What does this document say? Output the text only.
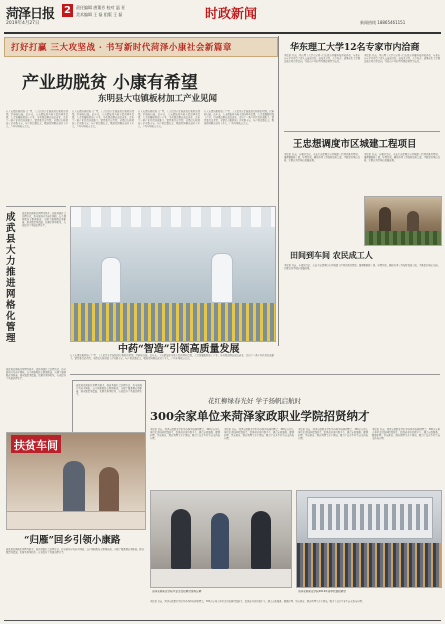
菏泽日报
2019年4月27日
2	责任编辑 唐董芳 校对 温 亚
美术编辑 王 磊 组版 王 磊	时政新闻
新闻热线 18865461151
打好打赢 三大攻坚战 · 书写新时代菏泽小康社会新篇章
产业助脱贫 小康有希望
东明县大屯镇板材加工产业见闻
在大屯镇的板材加工厂里，工人们正在忙碌地进行板材的切割、打磨和包装。近年来，大屯镇依托当地丰富的林木资源，大力发展板材加工产业，带动周边群众就近就业，走出了一条产业扶贫的新路子。镇党委书记介绍，全镇已有板材加工企业数十家，年产值达数亿元，吸纳贫困群众就业上千人，户均年增收万余元。
在大屯镇的板材加工厂里，工人们正在忙碌地进行板材的切割、打磨和包装。近年来，大屯镇依托当地丰富的林木资源，大力发展板材加工产业，带动周边群众就近就业，走出了一条产业扶贫的新路子。镇党委书记介绍，全镇已有板材加工企业数十家，年产值达数亿元，吸纳贫困群众就业上千人，户均年增收万余元。
在大屯镇的板材加工厂里，工人们正在忙碌地进行板材的切割、打磨和包装。近年来，大屯镇依托当地丰富的林木资源，大力发展板材加工产业，带动周边群众就近就业，走出了一条产业扶贫的新路子。镇党委书记介绍，全镇已有板材加工企业数十家，年产值达数亿元，吸纳贫困群众就业上千人，户均年增收万余元。
在大屯镇的板材加工厂里，工人们正在忙碌地进行板材的切割、打磨和包装。近年来，大屯镇依托当地丰富的林木资源，大力发展板材加工产业，带动周边群众就近就业，走出了一条产业扶贫的新路子。镇党委书记介绍，全镇已有板材加工企业数十家，年产值达数亿元，吸纳贫困群众就业上千人，户均年增收万余元。
华东理工大学12名专家市内洽商
本报讯 日前，华东理工大学专家团一行来我市开展科技对接活动，与我市多家企业进行了深入交流和洽谈，就技术合作、人才培养、成果转化等方面达成多项合作意向，为我市产业转型升级提供智力支持。
本报讯 日前，华东理工大学专家团一行来我市开展科技对接活动，与我市多家企业进行了深入交流和洽谈，就技术合作、人才培养、成果转化等方面达成多项合作意向，为我市产业转型升级提供智力支持。
王忠想调度市区城建工程项目
本报讯 日前，市委副书记、市长王忠想调度市区城建工程项目推进情况，强调要倒排工期、挂图作战，确保各项工程按时保质完成，不断提升城市品质，让群众共享城市发展成果。
本报讯 日前，市委副书记、市长王忠想调度市区城建工程项目推进情况，强调要倒排工期、挂图作战，确保各项工程按时保质完成，不断提升城市品质，让群众共享城市发展成果。
田间到车间 农民成工人
本报讯 日前，市委副书记、市长王忠想调度市区城建工程项目推进情况，强调要倒排工期、挂图作战，确保各项工程按时保质完成，不断提升城市品质，让群众共享城市发展成果。
成武县大力推进网格化管理
成武县以网格化管理为抓手，创新基层社会治理方式，将全县划分为若干网格，每个网格配备专职网格员，实现了服务群众零距离、排查隐患零遗漏、化解矛盾零积压，有效提升了基层治理水平。
成武县以网格化管理为抓手，创新基层社会治理方式，将全县划分为若干网格，每个网格配备专职网格员，实现了服务群众零距离、排查隐患零遗漏、化解矛盾零积压，有效提升了基层治理水平。
中药“智造”引领高质量发展
在大屯镇的板材加工厂里，工人们正在忙碌地进行板材的切割、打磨和包装。近年来，大屯镇依托当地丰富的林木资源，大力发展板材加工产业，带动周边群众就近就业，走出了一条产业扶贫的新路子。镇党委书记介绍，全镇已有板材加工企业数十家，年产值达数亿元，吸纳贫困群众就业上千人，户均年增收万余元。
花红柳绿春光好 学子扬帆启航时
300余家单位来菏泽家政职业学院招贤纳才
本报讯 日前，菏泽家政职业学院举办春季校园招聘会，300余家用人单位走进校园招贤纳才，提供就业岗位数千个，涵盖家政服务、健康护理、学前教育、酒店管理等多个领域，吸引了众多毕业生前来咨询应聘。
本报讯 日前，菏泽家政职业学院举办春季校园招聘会，300余家用人单位走进校园招贤纳才，提供就业岗位数千个，涵盖家政服务、健康护理、学前教育、酒店管理等多个领域，吸引了众多毕业生前来咨询应聘。
本报讯 日前，菏泽家政职业学院举办春季校园招聘会，300余家用人单位走进校园招贤纳才，提供就业岗位数千个，涵盖家政服务、健康护理、学前教育、酒店管理等多个领域，吸引了众多毕业生前来咨询应聘。
本报讯 日前，菏泽家政职业学院举办春季校园招聘会，300余家用人单位走进校园招贤纳才，提供就业岗位数千个，涵盖家政服务、健康护理、学前教育、酒店管理等多个领域，吸引了众多毕业生前来咨询应聘。
成武县以网格化管理为抓手，创新基层社会治理方式，将全县划分为若干网格，每个网格配备专职网格员，实现了服务群众零距离、排查隐患零遗漏、化解矛盾零积压，有效提升了基层治理水平。
扶贫车间
“归雁”回乡引领小康路
成武县以网格化管理为抓手，创新基层社会治理方式，将全县划分为若干网格，每个网格配备专职网格员，实现了服务群众零距离、排查隐患零遗漏、化解矛盾零积压，有效提升了基层治理水平。
菏泽家政职业学院毕业生在招聘会现场应聘	菏泽家政职业学院2019年春季校园招聘会
本报讯 日前，菏泽家政职业学院举办春季校园招聘会，300余家用人单位走进校园招贤纳才，提供就业岗位数千个，涵盖家政服务、健康护理、学前教育、酒店管理等多个领域，吸引了众多毕业生前来咨询应聘。
